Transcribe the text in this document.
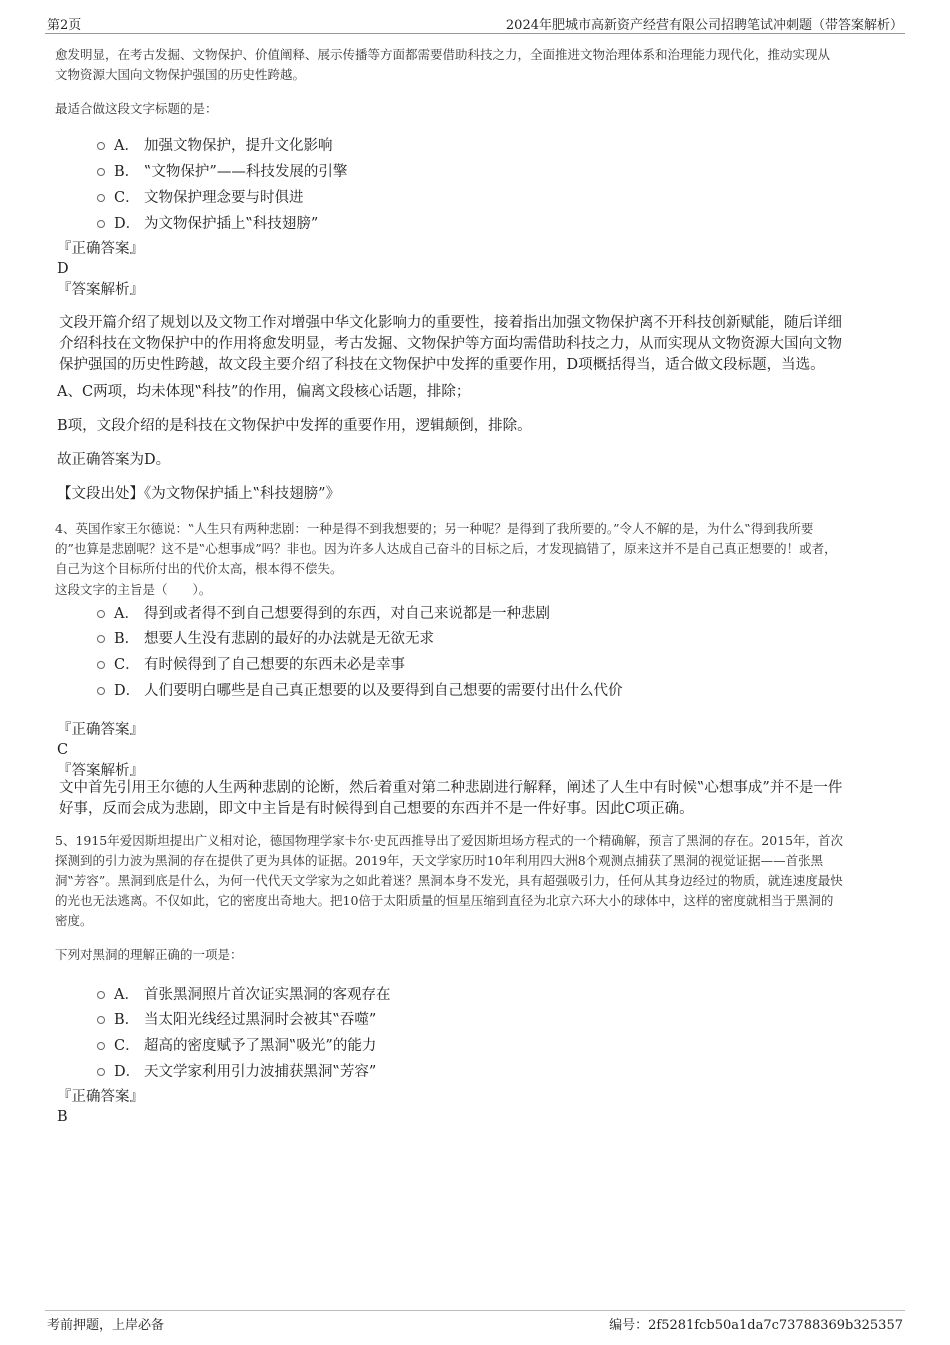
第2页	2024年肥城市高新资产经营有限公司招聘笔试冲刺题（带答案解析）
愈发明显，在考古发掘、文物保护、价值阐释、展示传播等方面都需要借助科技之力，全面推进文物治理体系和治理能力现代化，推动实现从
文物资源大国向文物保护强国的历史性跨越。
最适合做这段文字标题的是：
A． 加强文物保护，提升文化影响
B． ‟文物保护”——科技发展的引擎
C． 文物保护理念要与时俱进
D． 为文物保护插上‟科技翅膀”
『正确答案』
D
『答案解析』
文段开篇介绍了规划以及文物工作对增强中华文化影响力的重要性，接着指出加强文物保护离不开科技创新赋能，随后详细
介绍科技在文物保护中的作用将愈发明显，考古发掘、文物保护等方面均需借助科技之力，从而实现从文物资源大国向文物
保护强国的历史性跨越，故文段主要介绍了科技在文物保护中发挥的重要作用，D项概括得当，适合做文段标题，当选。
A、C两项，均未体现‟科技”的作用，偏离文段核心话题，排除；
B项，文段介绍的是科技在文物保护中发挥的重要作用，逻辑颠倒，排除。
故正确答案为D。
【文段出处】《为文物保护插上‟科技翅膀”》
4、英国作家王尔德说：‟人生只有两种悲剧：一种是得不到我想要的；另一种呢？是得到了我所要的。”令人不解的是，为什么‟得到我所要
的”也算是悲剧呢？这不是‟心想事成”吗？非也。因为许多人达成自己奋斗的目标之后，才发现搞错了，原来这并不是自己真正想要的！或者，
自己为这个目标所付出的代价太高，根本得不偿失。
这段文字的主旨是（　　）。
A． 得到或者得不到自己想要得到的东西，对自己来说都是一种悲剧
B． 想要人生没有悲剧的最好的办法就是无欲无求
C． 有时候得到了自己想要的东西未必是幸事
D． 人们要明白哪些是自己真正想要的以及要得到自己想要的需要付出什么代价
『正确答案』
C
『答案解析』
文中首先引用王尔德的人生两种悲剧的论断，然后着重对第二种悲剧进行解释，阐述了人生中有时候‟心想事成”并不是一件
好事，反而会成为悲剧，即文中主旨是有时候得到自己想要的东西并不是一件好事。因此C项正确。
5、1915年爱因斯坦提出广义相对论，德国物理学家卡尔·史瓦西推导出了爱因斯坦场方程式的一个精确解，预言了黑洞的存在。2015年，首次
探测到的引力波为黑洞的存在提供了更为具体的证据。2019年，天文学家历时10年利用四大洲8个观测点捕获了黑洞的视觉证据——首张黑
洞‟芳容”。黑洞到底是什么，为何一代代天文学家为之如此着迷？黑洞本身不发光，具有超强吸引力，任何从其身边经过的物质，就连速度最快
的光也无法逃离。不仅如此，它的密度出奇地大。把10倍于太阳质量的恒星压缩到直径为北京六环大小的球体中，这样的密度就相当于黑洞的
密度。
下列对黑洞的理解正确的一项是：
A． 首张黑洞照片首次证实黑洞的客观存在
B． 当太阳光线经过黑洞时会被其‟吞噬”
C． 超高的密度赋予了黑洞‟吸光”的能力
D． 天文学家利用引力波捕获黑洞‟芳容”
『正确答案』
B
考前押题，上岸必备	编号：2f5281fcb50a1da7c73788369b325357
